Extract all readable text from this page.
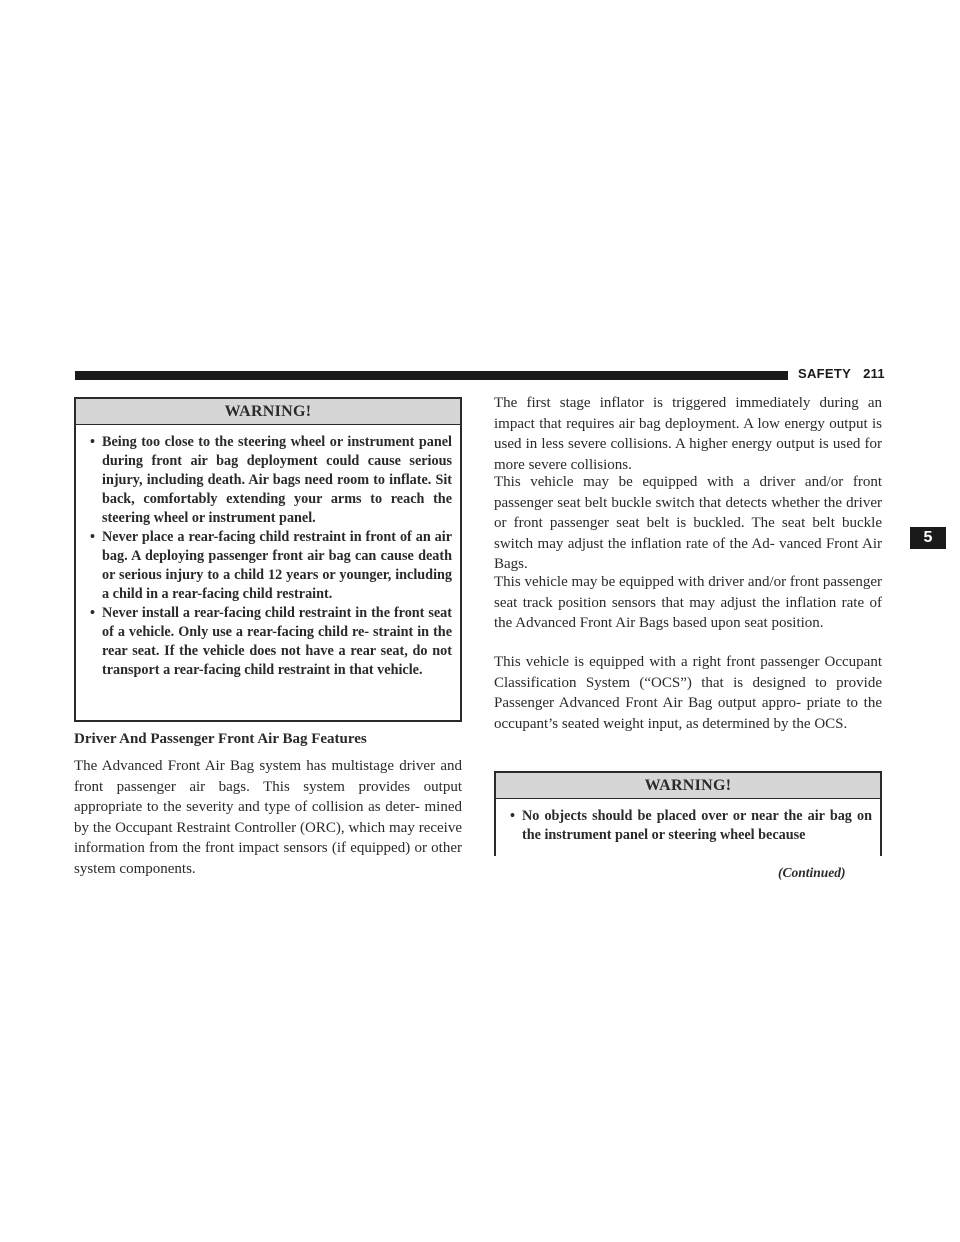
SAFETY 211
5
WARNING!
• Being too close to the steering wheel or instrument panel during front air bag deployment could cause serious injury, including death. Air bags need room to inflate. Sit back, comfortably extending your arms to reach the steering wheel or instrument panel.
• Never place a rear-facing child restraint in front of an air bag. A deploying passenger front air bag can cause death or serious injury to a child 12 years or younger, including a child in a rear-facing child restraint.
• Never install a rear-facing child restraint in the front seat of a vehicle. Only use a rear-facing child re- straint in the rear seat. If the vehicle does not have a rear seat, do not transport a rear-facing child restraint in that vehicle.
Driver And Passenger Front Air Bag Features

The Advanced Front Air Bag system has multistage driver and front passenger air bags. This system provides output appropriate to the severity and type of collision as deter- mined by the Occupant Restraint Controller (ORC), which may receive information from the front impact sensors (if equipped) or other system components.

The first stage inflator is triggered immediately during an impact that requires air bag deployment. A low energy output is used in less severe collisions. A higher energy output is used for more severe collisions.

This vehicle may be equipped with a driver and/or front passenger seat belt buckle switch that detects whether the driver or front passenger seat belt is buckled. The seat belt buckle switch may adjust the inflation rate of the Ad- vanced Front Air Bags.

This vehicle may be equipped with driver and/or front passenger seat track position sensors that may adjust the inflation rate of the Advanced Front Air Bags based upon seat position.

This vehicle is equipped with a right front passenger Occupant Classification System (“OCS”) that is designed to provide Passenger Advanced Front Air Bag output appro- priate to the occupant’s seated weight input, as determined by the OCS.

WARNING!
• No objects should be placed over or near the air bag on the instrument panel or steering wheel because
(Continued)
